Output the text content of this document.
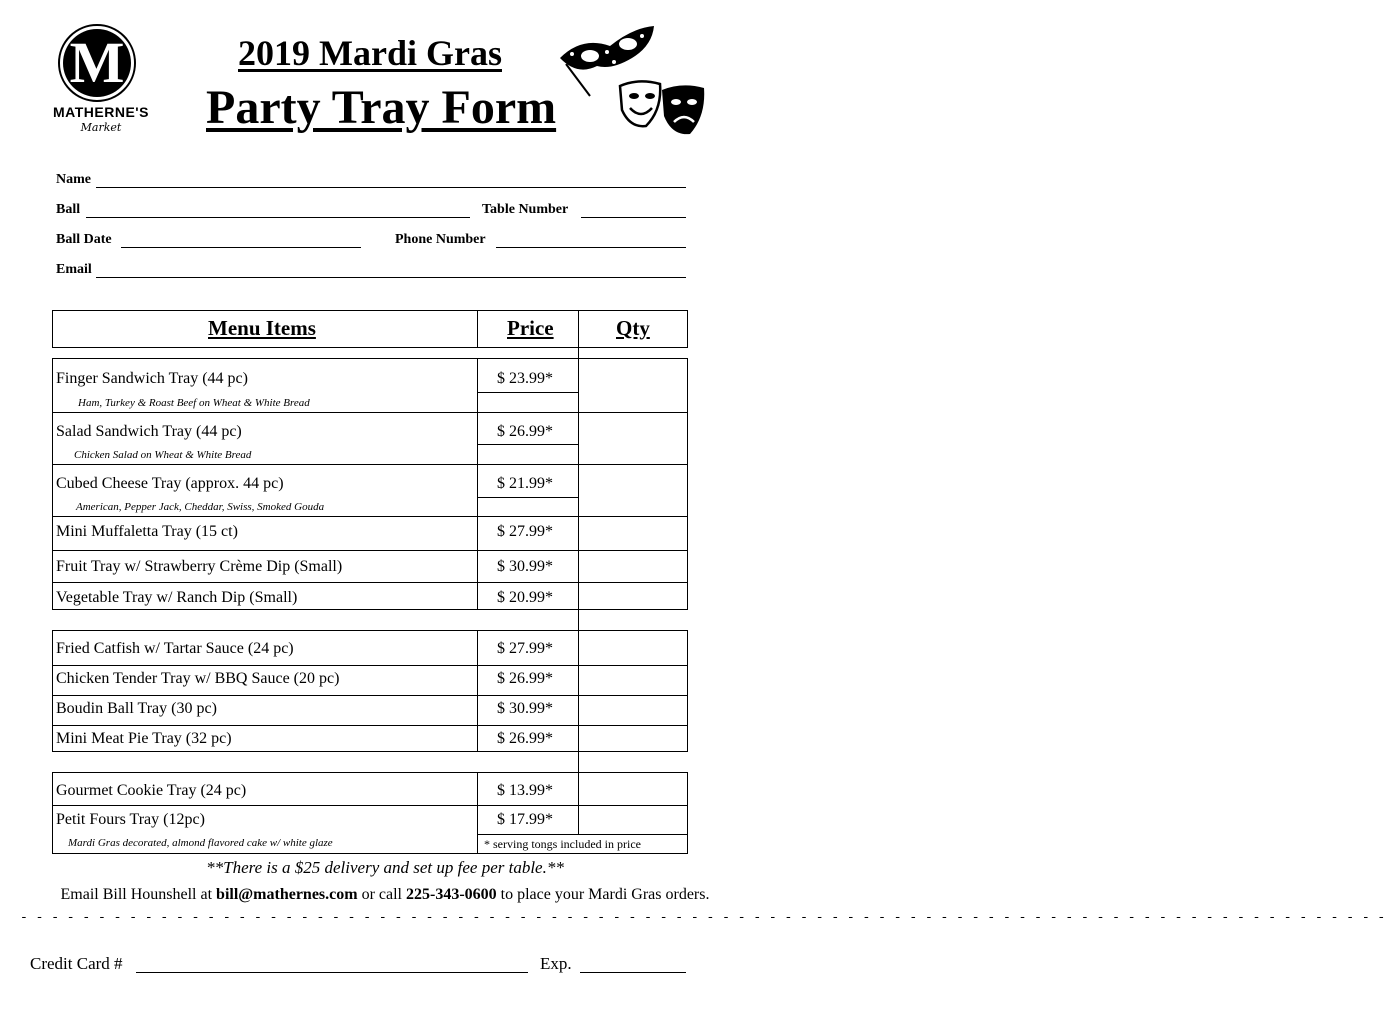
M
MATHERNE'S
Market
2019 Mardi Gras
Party Tray Form
Name
Ball	Table Number
Ball Date	Phone Number
Email
Menu Items	Price	Qty
Finger Sandwich Tray (44 pc)	$ 23.99*
Ham, Turkey & Roast Beef on Wheat & White Bread
Salad Sandwich Tray (44 pc)	$ 26.99*
Chicken Salad on Wheat & White Bread
Cubed Cheese Tray (approx. 44 pc)	$ 21.99*
American, Pepper Jack, Cheddar, Swiss, Smoked Gouda
Mini Muffaletta Tray (15 ct)	$ 27.99*
Fruit Tray w/ Strawberry Crème Dip (Small)	$ 30.99*
Vegetable Tray w/ Ranch Dip (Small)	$ 20.99*
Fried Catfish w/ Tartar Sauce (24 pc)	$ 27.99*
Chicken Tender Tray w/ BBQ Sauce (20 pc)	$ 26.99*
Boudin Ball Tray (30 pc)	$ 30.99*
Mini Meat Pie Tray (32 pc)	$ 26.99*
Gourmet Cookie Tray (24 pc)	$ 13.99*
Petit Fours Tray (12pc)	$ 17.99*
Mardi Gras decorated, almond flavored cake w/ white glaze	* serving tongs included in price
**There is a $25 delivery and set up fee per table.**
Email Bill Hounshell at bill@mathernes.com or call 225-343-0600 to place your Mardi Gras orders.
- - - - - - - - - - - - - - - - - - - - - - - - - - - - - - - - - - - - - - - - - - - - - - - - - - - - - - - - - - - - - - - - - - - - - - - - - - - - - - - - - - - - - - - -
Credit Card #	Exp.
